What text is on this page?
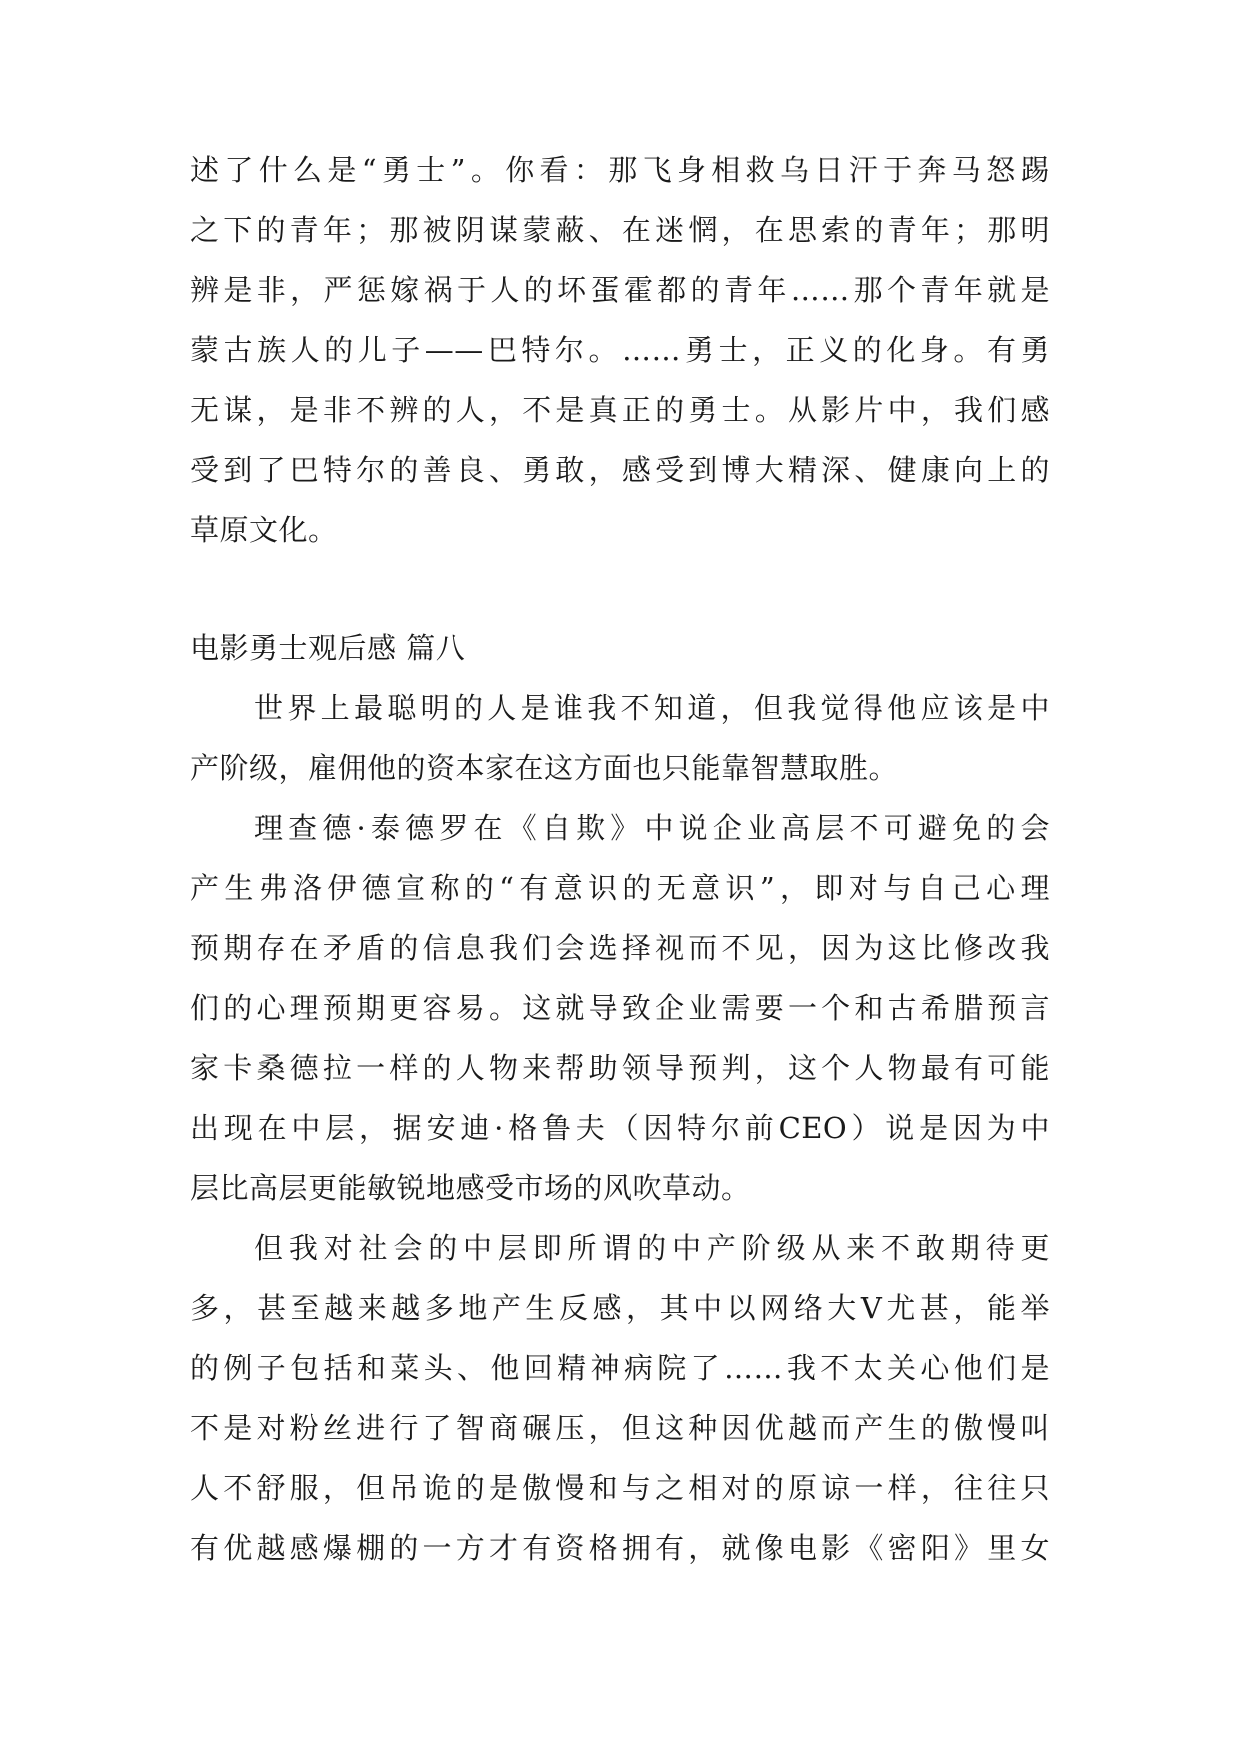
述了什么是“勇士”。你看：那飞身相救乌日汗于奔马怒踢
之下的青年；那被阴谋蒙蔽、在迷惘，在思索的青年；那明
辨是非，严惩嫁祸于人的坏蛋霍都的青年……那个青年就是
蒙古族人的儿子——巴特尔。……勇士，正义的化身。有勇
无谋，是非不辨的人，不是真正的勇士。从影片中，我们感
受到了巴特尔的善良、勇敢，感受到博大精深、健康向上的
草原文化。
电影勇士观后感 篇八
世界上最聪明的人是谁我不知道，但我觉得他应该是中
产阶级，雇佣他的资本家在这方面也只能靠智慧取胜。
理查德·泰德罗在《自欺》中说企业高层不可避免的会
产生弗洛伊德宣称的“有意识的无意识”，即对与自己心理
预期存在矛盾的信息我们会选择视而不见，因为这比修改我
们的心理预期更容易。这就导致企业需要一个和古希腊预言
家卡桑德拉一样的人物来帮助领导预判，这个人物最有可能
出现在中层，据安迪·格鲁夫（因特尔前CEO）说是因为中
层比高层更能敏锐地感受市场的风吹草动。
但我对社会的中层即所谓的中产阶级从来不敢期待更
多，甚至越来越多地产生反感，其中以网络大V尤甚，能举
的例子包括和菜头、他回精神病院了……我不太关心他们是
不是对粉丝进行了智商碾压，但这种因优越而产生的傲慢叫
人不舒服，但吊诡的是傲慢和与之相对的原谅一样，往往只
有优越感爆棚的一方才有资格拥有，就像电影《密阳》里女
